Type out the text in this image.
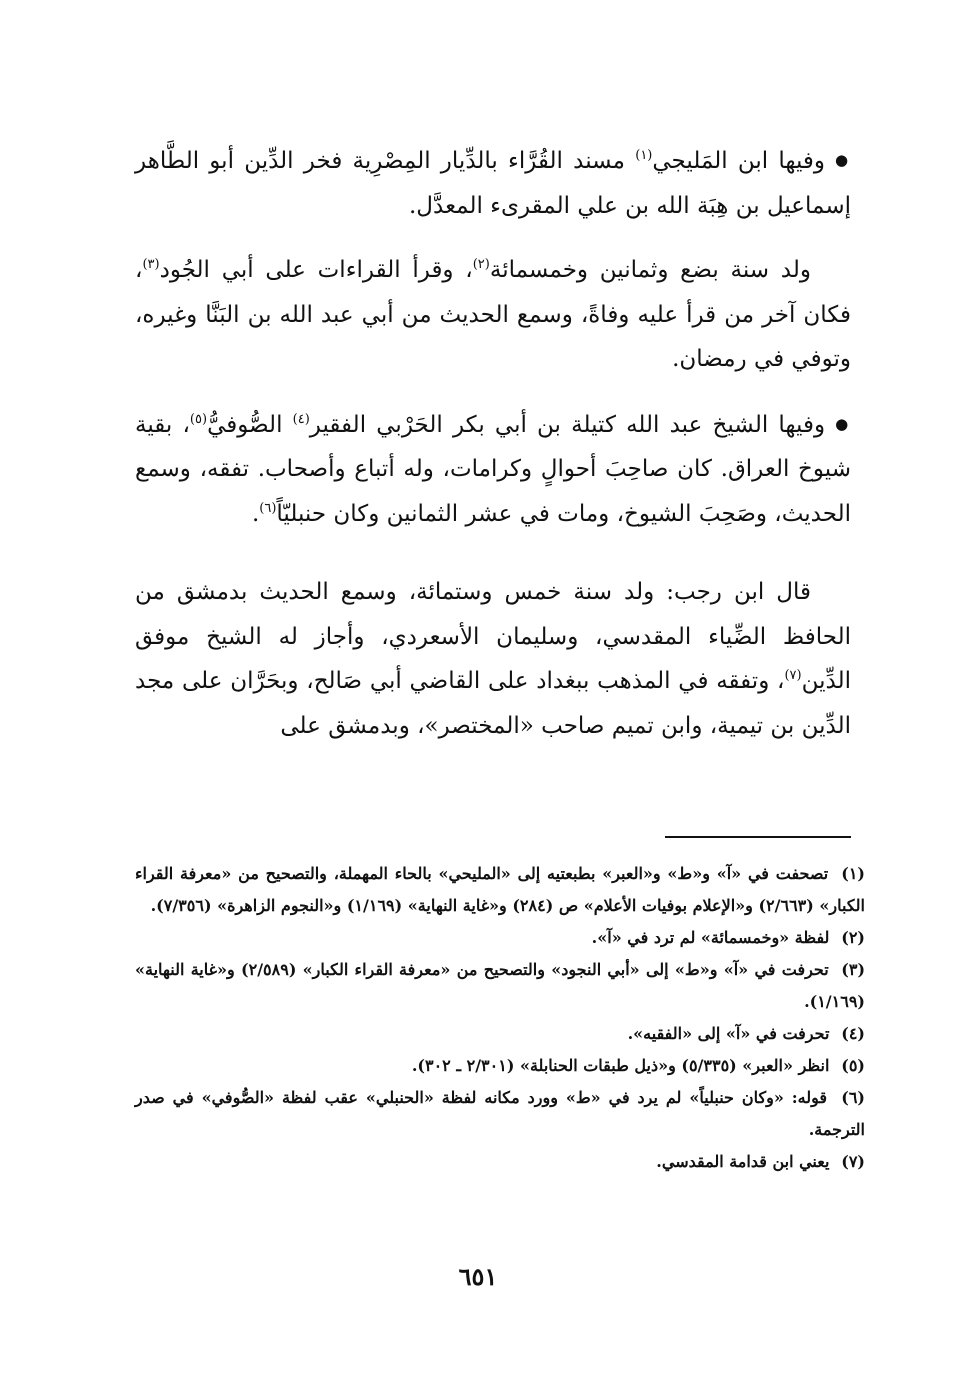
●وفيها ابن المَليجي$^{(١)}$ مسند القُرَّاء بالدِّيار المِصْرِية فخر الدِّين أبو الطَّاهر إسماعيل بن هِبَة الله بن علي المقرىء المعدَّل.

ولد سنة بضع وثمانين وخمسمائة$^{(٢)}$، وقرأ القراءات على أبي الجُود$^{(٣)}$، فكان آخر من قرأ عليه وفاةً، وسمع الحديث من أبي عبد الله بن البَنَّا وغيره، وتوفي في رمضان.

●وفيها الشيخ عبد الله كتيلة بن أبي بكر الحَرْبي الفقير$^{(٤)}$ الصُّوفيُّ$^{(٥)}$، بقية شيوخ العراق. كان صاحِبَ أحوالٍ وكرامات، وله أتباع وأصحاب. تفقه، وسمع الحديث، وصَحِبَ الشيوخ، ومات في عشر الثمانين وكان حنبليّاً$^{(٦)}$.

قال ابن رجب: ولد سنة خمس وستمائة، وسمع الحديث بدمشق من الحافظ الضِّياء المقدسي، وسليمان الأسعردي، وأجاز له الشيخ موفق الدِّين$^{(٧)}$، وتفقه في المذهب ببغداد على القاضي أبي صَالح، وبحَرَّان على مجد الدِّين بن تيمية، وابن تميم صاحب «المختصر»، وبدمشق على

(١) تصحفت في «آ» و«ط» و«العبر» بطبعتيه إلى «المليحي» بالحاء المهملة، والتصحيح من «معرفة القراء الكبار» (٢/٦٦٣) و«الإعلام بوفيات الأعلام» ص (٢٨٤) و«غاية النهاية» (١/١٦٩) و«النجوم الزاهرة» (٧/٣٥٦).

(٢) لفظة «وخمسمائة» لم ترد في «آ».

(٣) تحرفت في «آ» و«ط» إلى «أبي النجود» والتصحيح من «معرفة القراء الكبار» (٢/٥٨٩) و«غاية النهاية» (١/١٦٩).

(٤) تحرفت في «آ» إلى «الفقيه».

(٥) انظر «العبر» (٥/٣٣٥) و«ذيل طبقات الحنابلة» (٢/٣٠١ ـ ٣٠٢).

(٦) قوله: «وكان حنبلياً» لم يرد في «ط» وورد مكانه لفظة «الحنبلي» عقب لفظة «الصُّوفي» في صدر الترجمة.

(٧) يعني ابن قدامة المقدسي.

٦٥١
